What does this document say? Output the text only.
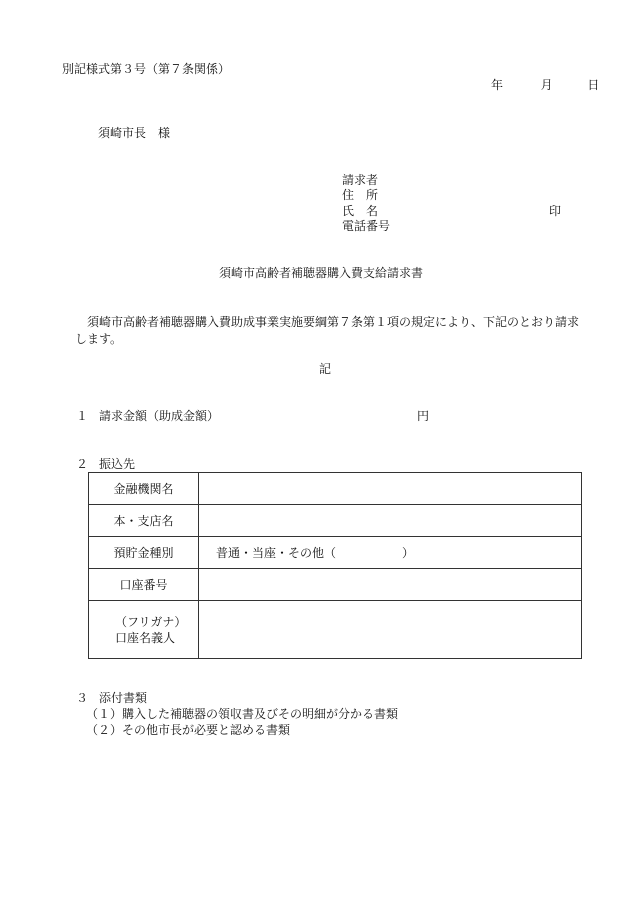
別記様式第３号（第７条関係）
年	月	日
須崎市長　様
請求者
住　所
氏　名	印
電話番号
須崎市高齢者補聴器購入費支給請求書
須崎市高齢者補聴器購入費助成事業実施要綱第７条第１項の規定により、下記のとおり請求します。
記
１ 請求金額（助成金額）	円
２ 振込先
金融機関名	
本・支店名	
預貯金種別	普通・当座・その他（ ）
口座番号	

（フリガナ）
口座名義人	

３ 添付書類
（１）購入した補聴器の領収書及びその明細が分かる書類
（２）その他市長が必要と認める書類
